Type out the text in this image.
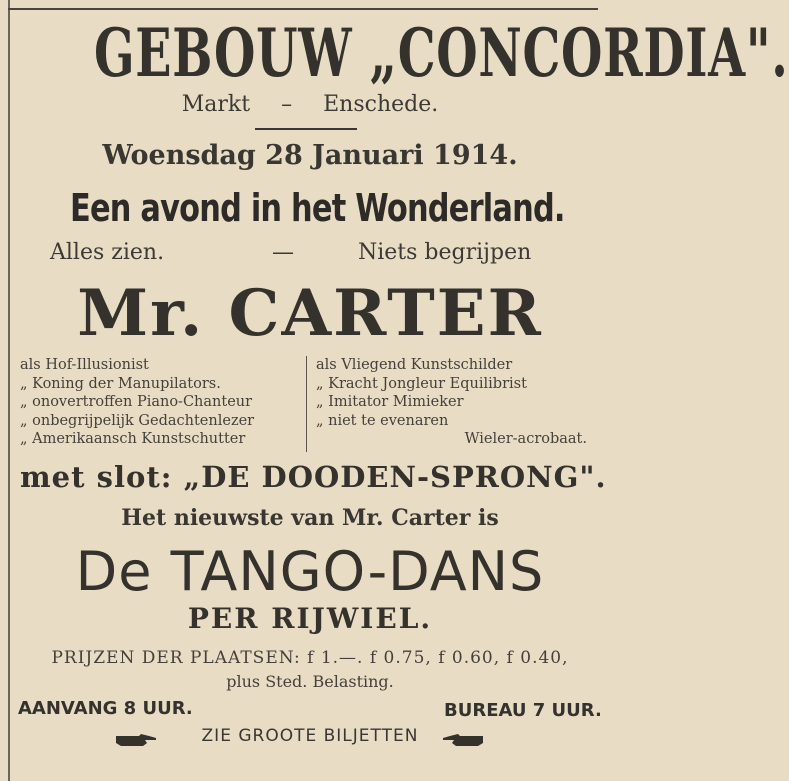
GEBOUW „CONCORDIA".
Markt – Enschede.
Woensdag 28 Januari 1914.
Een avond in het Wonderland.
Alles zien.	—	Niets begrijpen
Mr. CARTER
als Hof-Illusionist
„ Koning der Manupilators.
„ onovertroffen Piano-Chanteur
„ onbegrijpelijk Gedachtenlezer
„ Amerikaansch Kunstschutter
als Vliegend Kunstschilder
„ Kracht Jongleur Equilibrist
„ Imitator Mimieker
„ niet te evenaren
Wieler-acrobaat.
met slot: „DE DOODEN-SPRONG".
Het nieuwste van Mr. Carter is
De TANGO-DANS
PER RIJWIEL.
PRIJZEN DER PLAATSEN: f 1.—. f 0.75, f 0.60, f 0.40,
plus Sted. Belasting.
AANVANG 8 UUR.	BUREAU 7 UUR.
ZIE GROOTE BILJETTEN
